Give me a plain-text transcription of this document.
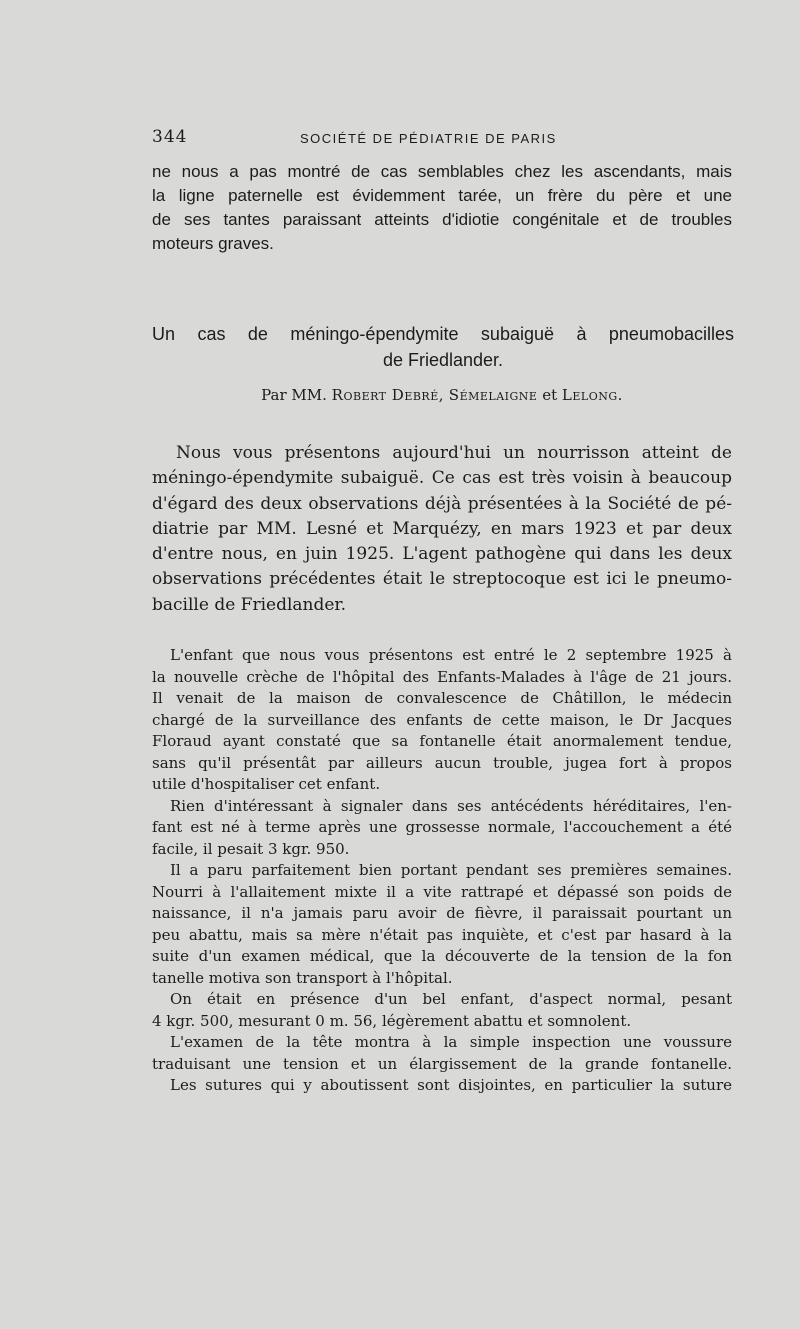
344	SOCIÉTÉ DE PÉDIATRIE DE PARIS
ne nous a pas montré de cas semblables chez les ascendants, mais
la ligne paternelle est évidemment tarée, un frère du père et une
de ses tantes paraissant atteints d'idiotie congénitale et de troubles
moteurs graves.
Un cas de méningo-épendymite subaiguë à pneumobacilles
de Friedlander.
Par MM. Robert Debré, Sémelaigne et Lelong.
Nous vous présentons aujourd'hui un nourrisson atteint de
méningo-épendymite subaiguë. Ce cas est très voisin à beaucoup
d'égard des deux observations déjà présentées à la Société de pé-
diatrie par MM. Lesné et Marquézy, en mars 1923 et par deux
d'entre nous, en juin 1925. L'agent pathogène qui dans les deux
observations précédentes était le streptocoque est ici le pneumo-
bacille de Friedlander.
L'enfant que nous vous présentons est entré le 2 septembre 1925 à
la nouvelle crèche de l'hôpital des Enfants-Malades à l'âge de 21 jours.
Il venait de la maison de convalescence de Châtillon, le médecin
chargé de la surveillance des enfants de cette maison, le Dr Jacques
Floraud ayant constaté que sa fontanelle était anormalement tendue,
sans qu'il présentât par ailleurs aucun trouble, jugea fort à propos
utile d'hospitaliser cet enfant.
Rien d'intéressant à signaler dans ses antécédents héréditaires, l'en-
fant est né à terme après une grossesse normale, l'accouchement a été
facile, il pesait 3 kgr. 950.
Il a paru parfaitement bien portant pendant ses premières semaines.
Nourri à l'allaitement mixte il a vite rattrapé et dépassé son poids de
naissance, il n'a jamais paru avoir de fièvre, il paraissait pourtant un
peu abattu, mais sa mère n'était pas inquiète, et c'est par hasard à la
suite d'un examen médical, que la découverte de la tension de la fon
tanelle motiva son transport à l'hôpital.
On était en présence d'un bel enfant, d'aspect normal, pesant
4 kgr. 500, mesurant 0 m. 56, légèrement abattu et somnolent.
L'examen de la tête montra à la simple inspection une voussure
traduisant une tension et un élargissement de la grande fontanelle.
Les sutures qui y aboutissent sont disjointes, en particulier la suture
